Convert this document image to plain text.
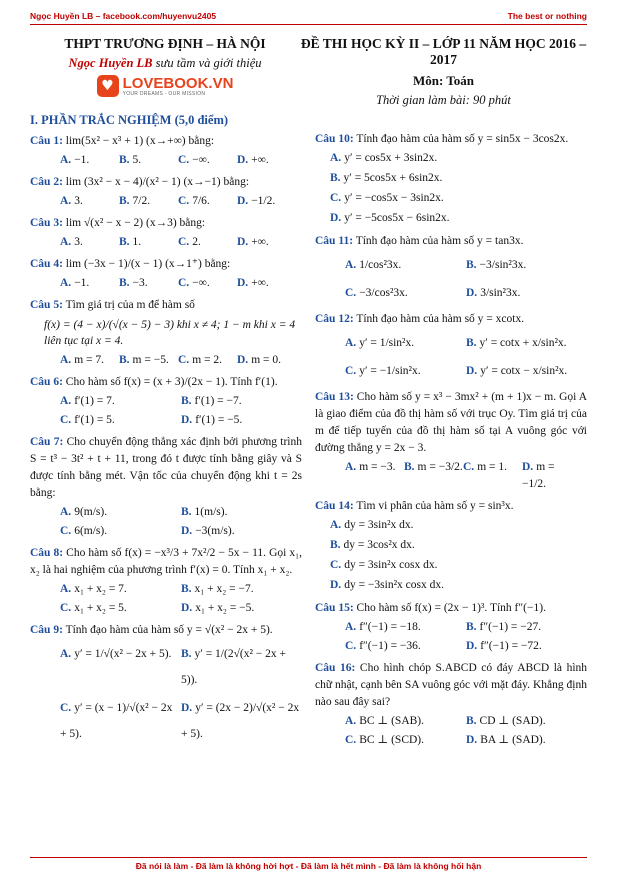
Ngọc Huyền LB – facebook.com/huyenvu2405	The best or nothing
THPT TRƯƠNG ĐỊNH – HÀ NỘI
Ngọc Huyền LB sưu tầm và giới thiệu
♥ LOVEBOOK.VN
YOUR DREAMS - OUR MISSION
ĐỀ THI HỌC KỲ II – LỚP 11 NĂM HỌC 2016 – 2017
Môn: Toán
Thời gian làm bài: 90 phút
I. PHẦN TRẮC NGHIỆM (5,0 điểm)
Câu 1: lim(5x² − x³ + 1) (x→+∞) bằng:
A. −1.	B. 5.	C. −∞.	D. +∞.
Câu 2: lim (3x² − x − 4)/(x² − 1) (x→−1) bằng:
A. 3.	B. 7/2.	C. 7/6.	D. −1/2.
Câu 3: lim √(x² − x − 2) (x→3) bằng:
A. 3.	B. 1.	C. 2.	D. +∞.
Câu 4: lim (−3x − 1)/(x − 1) (x→1⁺) bằng:
A. −1.	B. −3.	C. −∞.	D. +∞.
Câu 5: Tìm giá trị của m để hàm số
f(x) = (4 − x)/(√(x − 5) − 3) khi x ≠ 4; 1 − m khi x = 4 liên tục tại x = 4.
A. m = 7.	B. m = −5. C. m = 2.	D. m = 0.
Câu 6: Cho hàm số f(x) = (x + 3)/(2x − 1). Tính f′(1).
A. f′(1) = 7.	B. f′(1) = −7.
C. f′(1) = 5.	D. f′(1) = −5.
Câu 7: Cho chuyển động thẳng xác định bởi phương trình S = t³ − 3t² + t + 11, trong đó t được tính bằng giây và S được tính bằng mét. Vận tốc của chuyển động khi t = 2s bằng:
A. 9(m/s).	B. 1(m/s).
C. 6(m/s).	D. −3(m/s).
Câu 8: Cho hàm số f(x) = −x³/3 + 7x²/2 − 5x − 11. Gọi x₁, x₂ là hai nghiệm của phương trình f′(x) = 0. Tính x₁ + x₂.
A. x₁ + x₂ = 7.	B. x₁ + x₂ = −7.
C. x₁ + x₂ = 5.	D. x₁ + x₂ = −5.
Câu 9: Tính đạo hàm của hàm số y = √(x² − 2x + 5).
A. y′ = 1/√(x² − 2x + 5). B. y′ = 1/(2√(x² − 2x + 5)).
C. y′ = (x − 1)/√(x² − 2x + 5).
D. y′ = (2x − 2)/√(x² − 2x + 5).
Câu 10: Tính đạo hàm của hàm số y = sin5x − 3cos2x.
A. y′ = cos5x + 3sin2x.
B. y′ = 5cos5x + 6sin2x.
C. y′ = −cos5x − 3sin2x.
D. y′ = −5cos5x − 6sin2x.
Câu 11: Tính đạo hàm của hàm số y = tan3x.
A. 1/cos²3x.	B. −3/sin²3x.
C. −3/cos²3x.	D. 3/sin²3x.
Câu 12: Tính đạo hàm của hàm số y = xcotx.
A. y′ = 1/sin²x.	B. y′ = cotx + x/sin²x.
C. y′ = −1/sin²x.	D. y′ = cotx − x/sin²x.
Câu 13: Cho hàm số y = x³ − 3mx² + (m + 1)x − m. Gọi A là giao điểm của đồ thị hàm số với trục Oy. Tìm giá trị của m để tiếp tuyến của đồ thị hàm số tại A vuông góc với đường thẳng y = 2x − 3.
A. m = −3. B. m = −3/2. C. m = 1.	D. m = −1/2.
Câu 14: Tìm vi phân của hàm số y = sin³x.
A. dy = 3sin²x dx.
B. dy = 3cos²x dx.
C. dy = 3sin²x cosx dx.
D. dy = −3sin²x cosx dx.
Câu 15: Cho hàm số f(x) = (2x − 1)³. Tính f″(−1).
A. f″(−1) = −18.	B. f″(−1) = −27.
C. f″(−1) = −36.	D. f″(−1) = −72.
Câu 16: Cho hình chóp S.ABCD có đáy ABCD là hình chữ nhật, cạnh bên SA vuông góc với mặt đáy. Khẳng định nào sau đây sai?
A. BC ⊥ (SAB).	B. CD ⊥ (SAD).
C. BC ⊥ (SCD).	D. BA ⊥ (SAD).
Đã nói là làm - Đã làm là không hời hợt - Đã làm là hết mình - Đã làm là không hối hận
